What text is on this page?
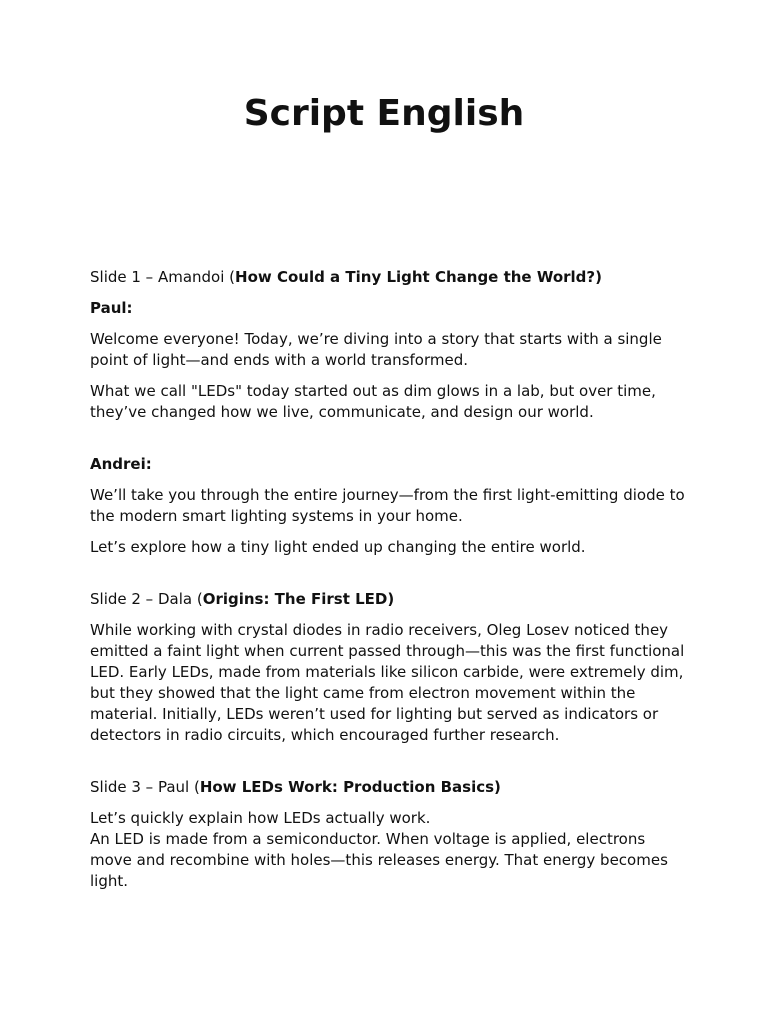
Script English

Slide 1 – Amandoi (How Could a Tiny Light Change the World?)

Paul:

Welcome everyone! Today, we’re diving into a story that starts with a single point of light—and ends with a world transformed.

What we call "LEDs" today started out as dim glows in a lab, but over time, they’ve changed how we live, communicate, and design our world.

Andrei:

We’ll take you through the entire journey—from the first light-emitting diode to the modern smart lighting systems in your home.

Let’s explore how a tiny light ended up changing the entire world.

Slide 2 – Dala (Origins: The First LED)

While working with crystal diodes in radio receivers, Oleg Losev noticed they emitted a faint light when current passed through—this was the first functional LED. Early LEDs, made from materials like silicon carbide, were extremely dim, but they showed that the light came from electron movement within the material. Initially, LEDs weren’t used for lighting but served as indicators or detectors in radio circuits, which encouraged further research.

Slide 3 – Paul (How LEDs Work: Production Basics)

Let’s quickly explain how LEDs actually work.

An LED is made from a semiconductor. When voltage is applied, electrons move and recombine with holes—this releases energy. That energy becomes light.
